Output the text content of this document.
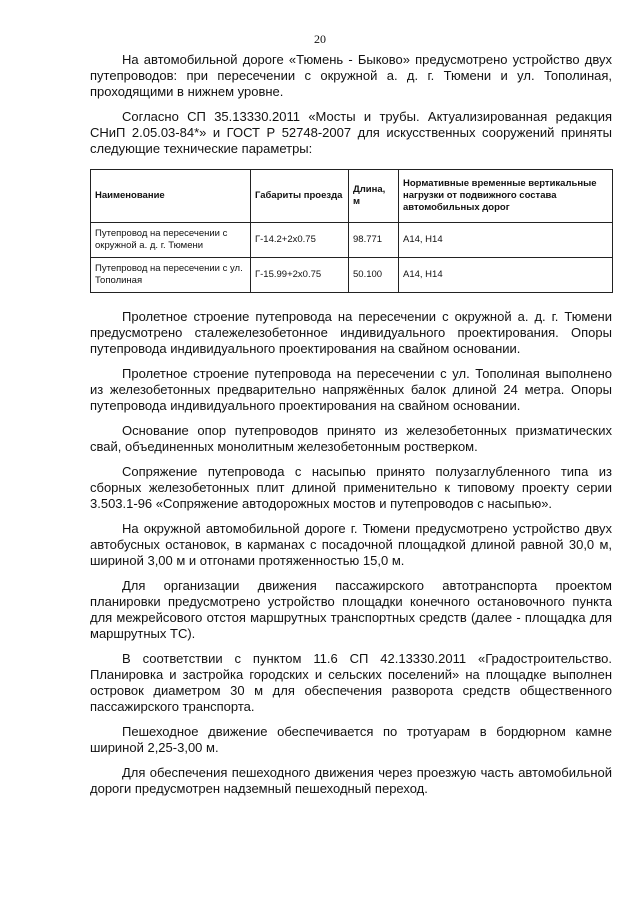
20

На автомобильной дороге «Тюмень - Быково» предусмотрено устройство двух путепроводов: при пересечении с окружной а. д. г. Тюмени и ул. Тополиная, проходящими в нижнем уровне.

Согласно СП 35.13330.2011 «Мосты и трубы. Актуализированная редакция СНиП 2.05.03-84*» и ГОСТ Р 52748-2007 для искусственных сооружений приняты следующие технические параметры:

Наименование	Габариты проезда	Длина, м	Нормативные временные вертикальные нагрузки от подвижного состава автомобильных дорог
Путепровод на пересечении с окружной а. д. г. Тюмени	Г-14.2+2x0.75	98.771	А14, Н14
Путепровод на пересечении с ул. Тополиная	Г-15.99+2x0.75	50.100	А14, Н14

Пролетное строение путепровода на пересечении с окружной а. д. г. Тюмени предусмотрено сталежелезобетонное индивидуального проектирования. Опоры путепровода индивидуального проектирования на свайном основании.

Пролетное строение путепровода на пересечении с ул. Тополиная выполнено из железобетонных предварительно напряжённых балок длиной 24 метра. Опоры путепровода индивидуального проектирования на свайном основании.

Основание опор путепроводов принято из железобетонных призматических свай, объединенных монолитным железобетонным ростверком.

Сопряжение путепровода с насыпью принято полузаглубленного типа из сборных железобетонных плит длиной применительно к типовому проекту серии 3.503.1-96 «Сопряжение автодорожных мостов и путепроводов с насыпью».

На окружной автомобильной дороге г. Тюмени предусмотрено устройство двух автобусных остановок, в карманах с посадочной площадкой длиной равной 30,0 м, шириной 3,00 м и отгонами протяженностью 15,0 м.

Для организации движения пассажирского автотранспорта проектом планировки предусмотрено устройство площадки конечного остановочного пункта для межрейсового отстоя маршрутных транспортных средств (далее - площадка для маршрутных ТС).

В соответствии с пунктом 11.6 СП 42.13330.2011 «Градостроительство. Планировка и застройка городских и сельских поселений» на площадке выполнен островок диаметром 30 м для обеспечения разворота средств общественного пассажирского транспорта.

Пешеходное движение обеспечивается по тротуарам в бордюрном камне шириной 2,25-3,00 м.

Для обеспечения пешеходного движения через проезжую часть автомобильной дороги предусмотрен надземный пешеходный переход.
